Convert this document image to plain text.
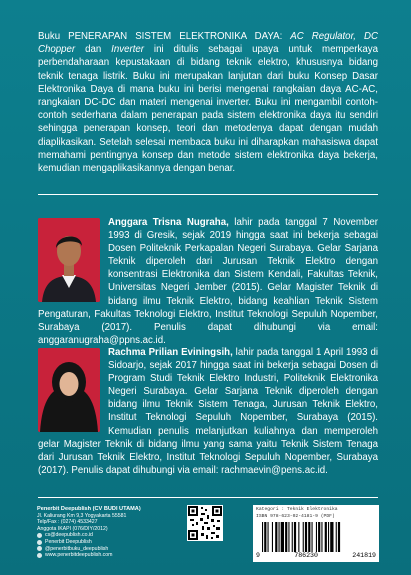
Buku PENERAPAN SISTEM ELEKTRONIKA DAYA: AC Regulator, DC Chopper dan Inverter ini ditulis sebagai upaya untuk memperkaya perbendaharaan kepustakaan di bidang teknik elektro, khususnya bidang teknik tenaga listrik. Buku ini merupakan lanjutan dari buku Konsep Dasar Elektronika Daya di mana buku ini berisi mengenai rangkaian daya AC-AC, rangkaian DC-DC dan materi mengenai inverter. Buku ini mengambil contoh-contoh sederhana dalam penerapan pada sistem elektronika daya itu sendiri sehingga penerapan konsep, teori dan metodenya dapat dengan mudah diaplikasikan. Setelah selesai membaca buku ini diharapkan mahasiswa dapat memahami pentingnya konsep dan metode sistem elektronika daya bekerja, kemudian mengaplikasikannya dengan benar.

Anggara Trisna Nugraha, lahir pada tanggal 7 November 1993 di Gresik, sejak 2019 hingga saat ini bekerja sebagai Dosen Politeknik Perkapalan Negeri Surabaya. Gelar Sarjana Teknik diperoleh dari Jurusan Teknik Elektro dengan konsentrasi Elektronika dan Sistem Kendali, Fakultas Teknik, Universitas Negeri Jember (2015). Gelar Magister Teknik di bidang ilmu Teknik Elektro, bidang keahlian Teknik Sistem Pengaturan, Fakultas Teknologi Elektro, Institut Teknologi Sepuluh Nopember, Surabaya (2017). Penulis dapat dihubungi via email: anggaranugraha@ppns.ac.id.
Rachma Prilian Eviningsih, lahir pada tanggal 1 April 1993 di Sidoarjo, sejak 2017 hingga saat ini bekerja sebagai Dosen di Program Studi Teknik Elektro Industri, Politeknik Elektronika Negeri Surabaya. Gelar Sarjana Teknik diperoleh dengan bidang ilmu Teknik Sistem Tenaga, Jurusan Teknik Elektro, Institut Teknologi Sepuluh Nopember, Surabaya (2015). Kemudian penulis melanjutkan kuliahnya dan memperoleh gelar Magister Teknik di bidang ilmu yang sama yaitu Teknik Sistem Tenaga dari Jurusan Teknik Elektro, Institut Teknologi Sepuluh Nopember, Surabaya (2017). Penulis dapat dihubungi via email: rachmaevin@pens.ac.id.
Penerbit Deepublish (CV BUDI UTAMA)
Jl. Kaliurang Km 9,3 Yogyakarta 55581
Telp/Fax : (0274) 4533427
Anggota IKAPI (076/DIY/2012)
cs@deepublish.co.id
Penerbit Deepublish
@penerbitbuku_deepublish
www.penerbitdeepublish.com
Kategori : Teknik Elektronika
ISBN 978-623-02-4181-9 (PDF)
9	786230	241819
